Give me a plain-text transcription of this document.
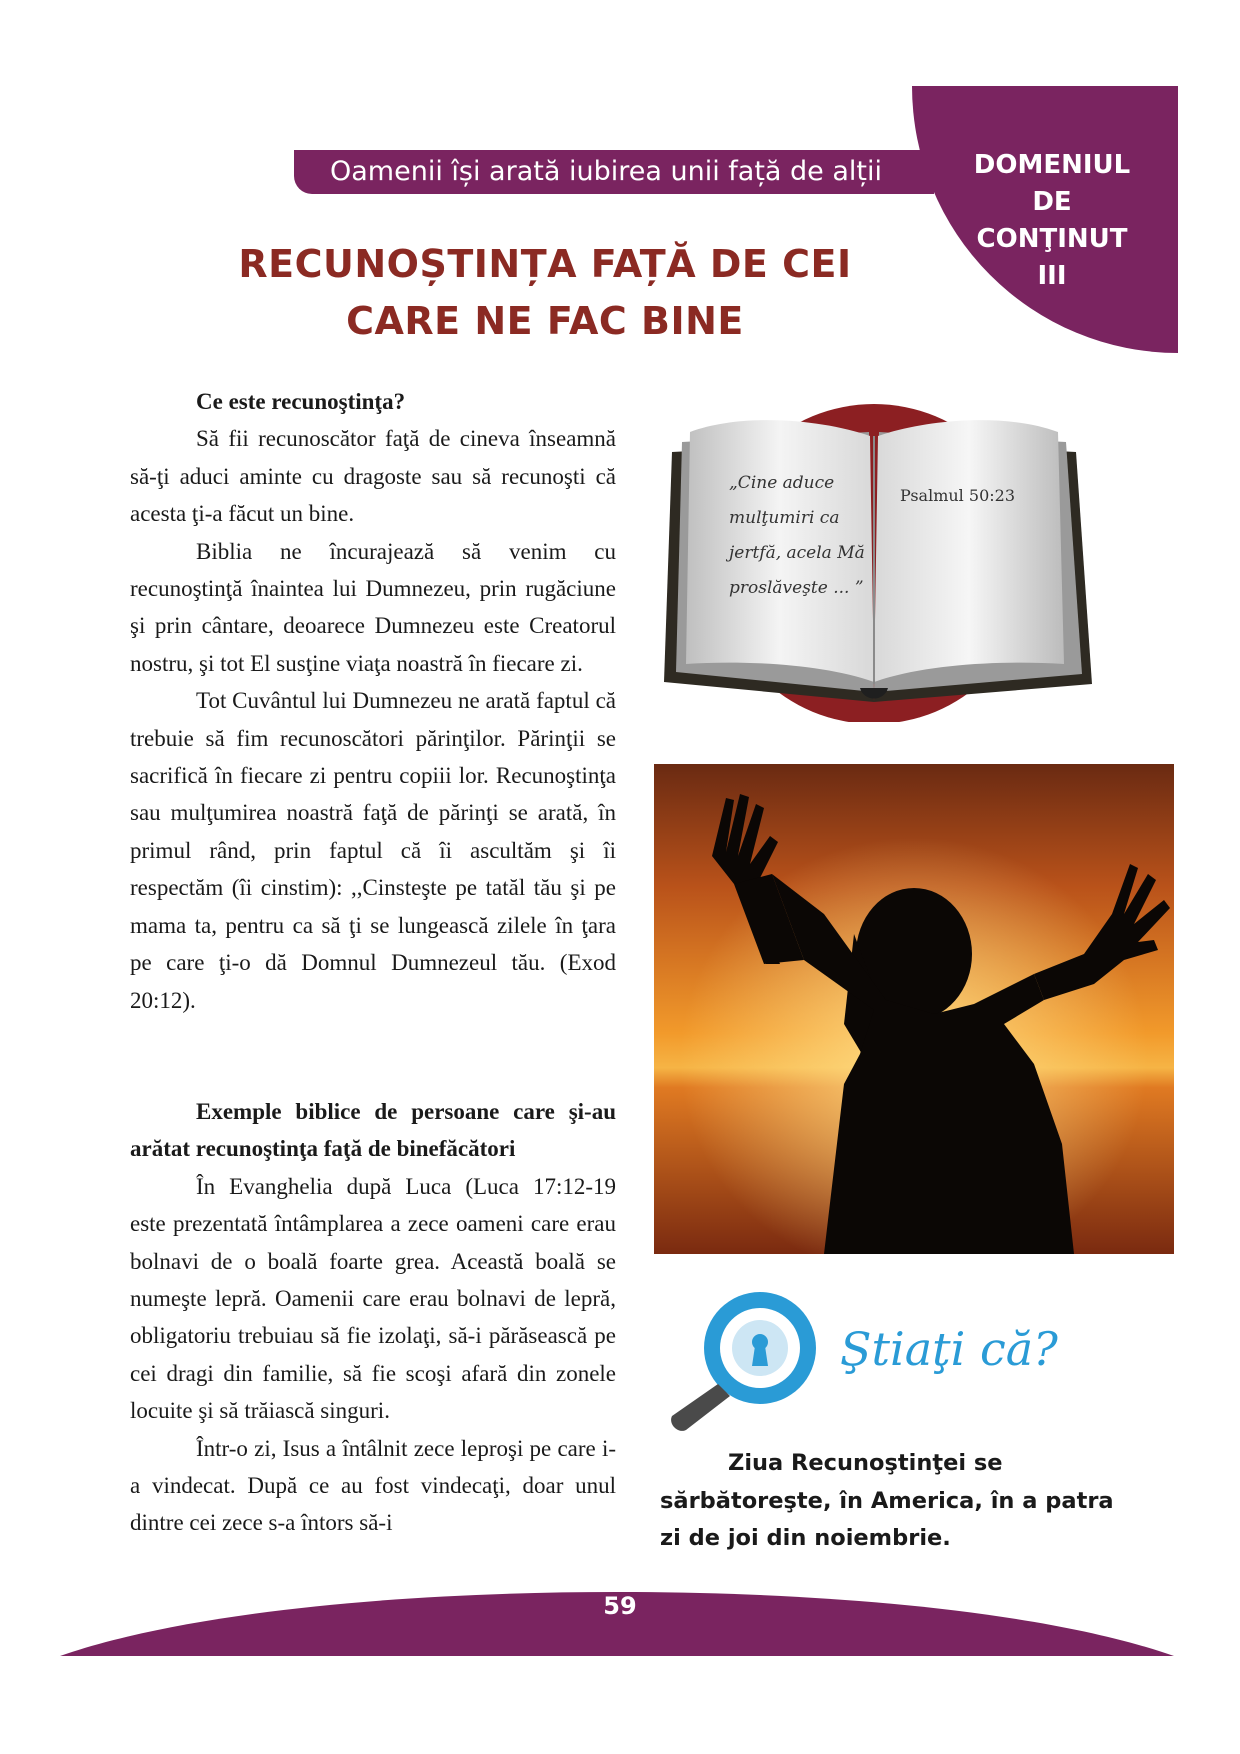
DOMENIUL
DE
CONŢINUT
III
Oamenii își arată iubirea unii față de alții
RECUNOȘTINȚA FAȚĂ DE CEI
CARE NE FAC BINE
Ce este recunoştinţa?

Să fii recunoscător faţă de cineva înseamnă să-ţi aduci aminte cu dragoste sau să recunoşti că acesta ţi-a făcut un bine.

Biblia ne încurajează să venim cu recunoştinţă înaintea lui Dumnezeu, prin rugăciune şi prin cântare, deoarece Dumnezeu este Creatorul nostru, şi tot El susţine viaţa noastră în fiecare zi.

Tot Cuvântul lui Dumnezeu ne arată faptul că trebuie să fim recunoscători părinţilor. Părinţii se sacrifică în fiecare zi pentru copiii lor. Recunoştinţa sau mulţumirea noastră faţă de părinţi se arată, în primul rând, prin faptul că îi ascultăm şi îi respectăm (îi cinstim): ,,Cinsteşte pe tatăl tău şi pe mama ta, pentru ca să ţi se lungească zilele în ţara pe care ţi-o dă Domnul Dumnezeul tău. (Exod 20:12).

Exemple biblice de persoane care şi-au arătat recunoştinţa faţă de binefăcători

În Evanghelia după Luca (Luca 17:12-19 este prezentată întâmplarea a zece oameni care erau bolnavi de o boală foarte grea. Această boală se numeşte lepră. Oamenii care erau bolnavi de lepră, obligatoriu trebuiau să fie izolaţi, să-i părăsească pe cei dragi din familie, să fie scoşi afară din zonele locuite şi să trăiască singuri.

Într-o zi, Isus a întâlnit zece leproşi pe care i-a vindecat. După ce au fost vindecaţi, doar unul dintre cei zece s-a întors să-i

„Cine aduce mulţumiri ca jertfă, acela Mă proslăveşte ... ”
Psalmul 50:23
Ştiaţi că?
Ziua Recunoştinţei se
sărbătoreşte, în America, în a patra
zi de joi din noiembrie.
59
